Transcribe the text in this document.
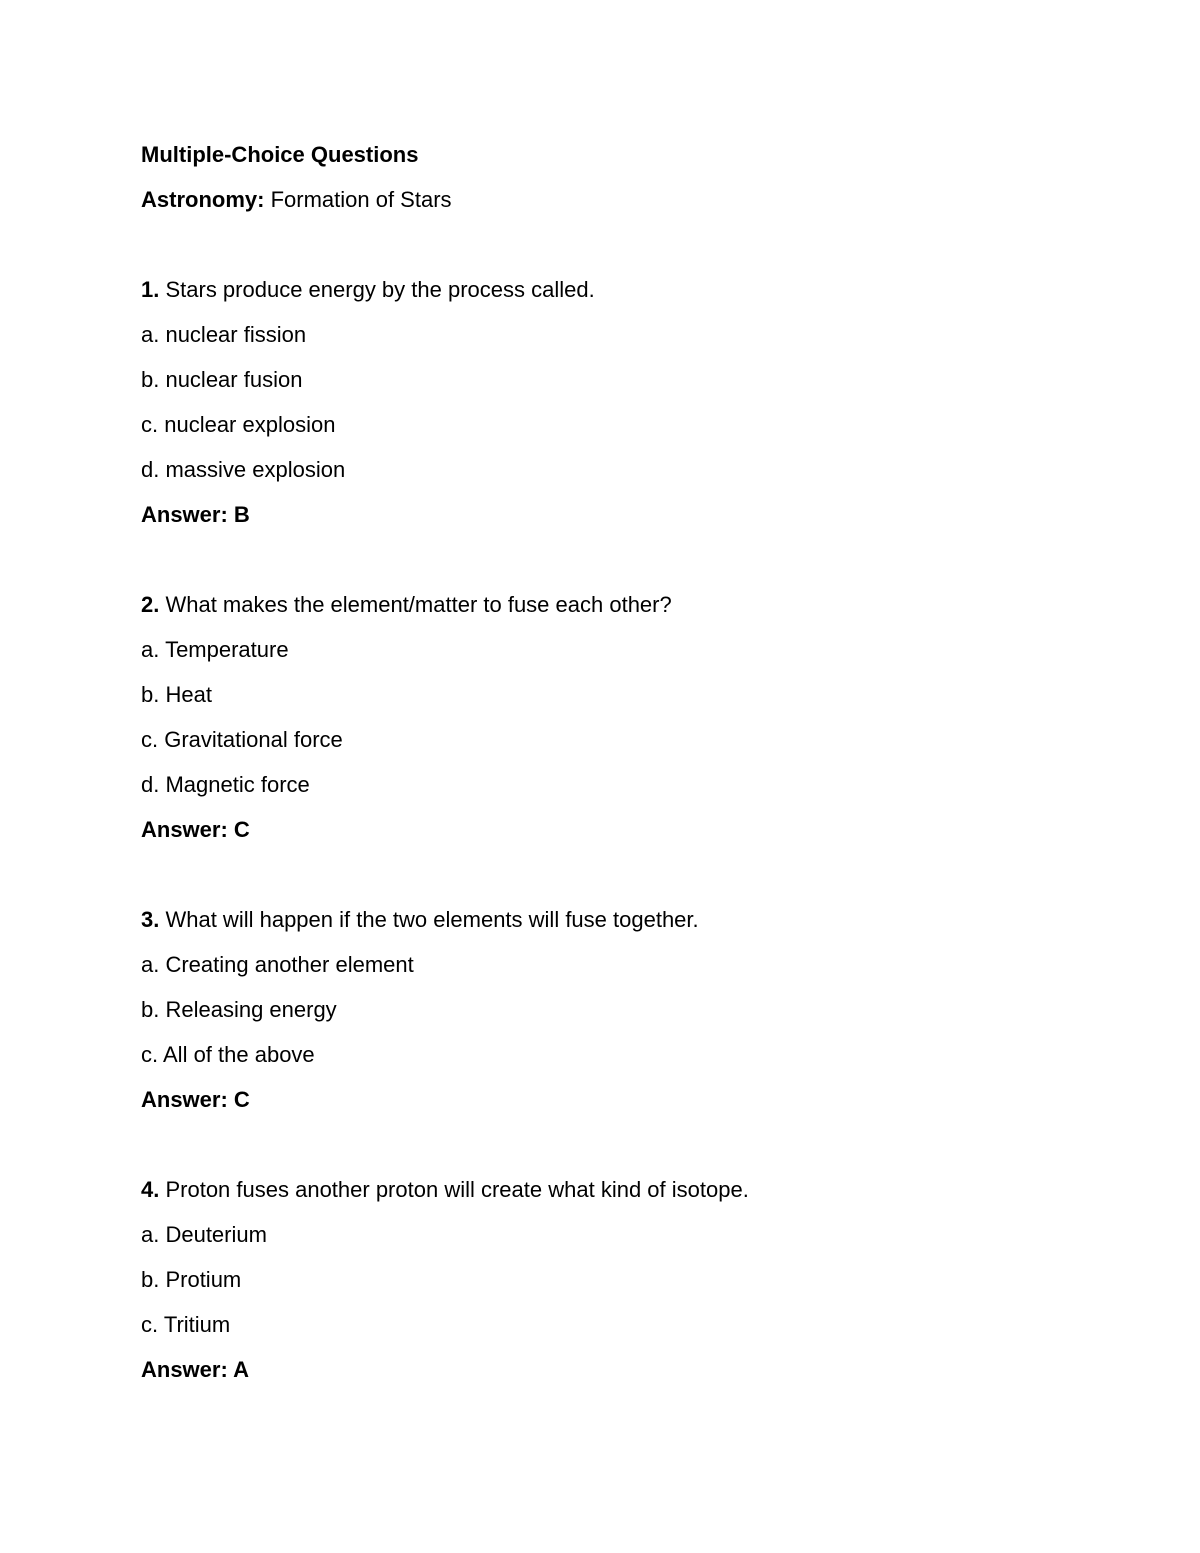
Multiple-Choice Questions
Astronomy: Formation of Stars
1. Stars produce energy by the process called.
a. nuclear fission
b. nuclear fusion
c. nuclear explosion
d. massive explosion
Answer: B
2. What makes the element/matter to fuse each other?
a. Temperature
b. Heat
c. Gravitational force
d. Magnetic force
Answer: C
3. What will happen if the two elements will fuse together.
a. Creating another element
b. Releasing energy
c. All of the above
Answer: C
4. Proton fuses another proton will create what kind of isotope.
a. Deuterium
b. Protium
c. Tritium
Answer: A
